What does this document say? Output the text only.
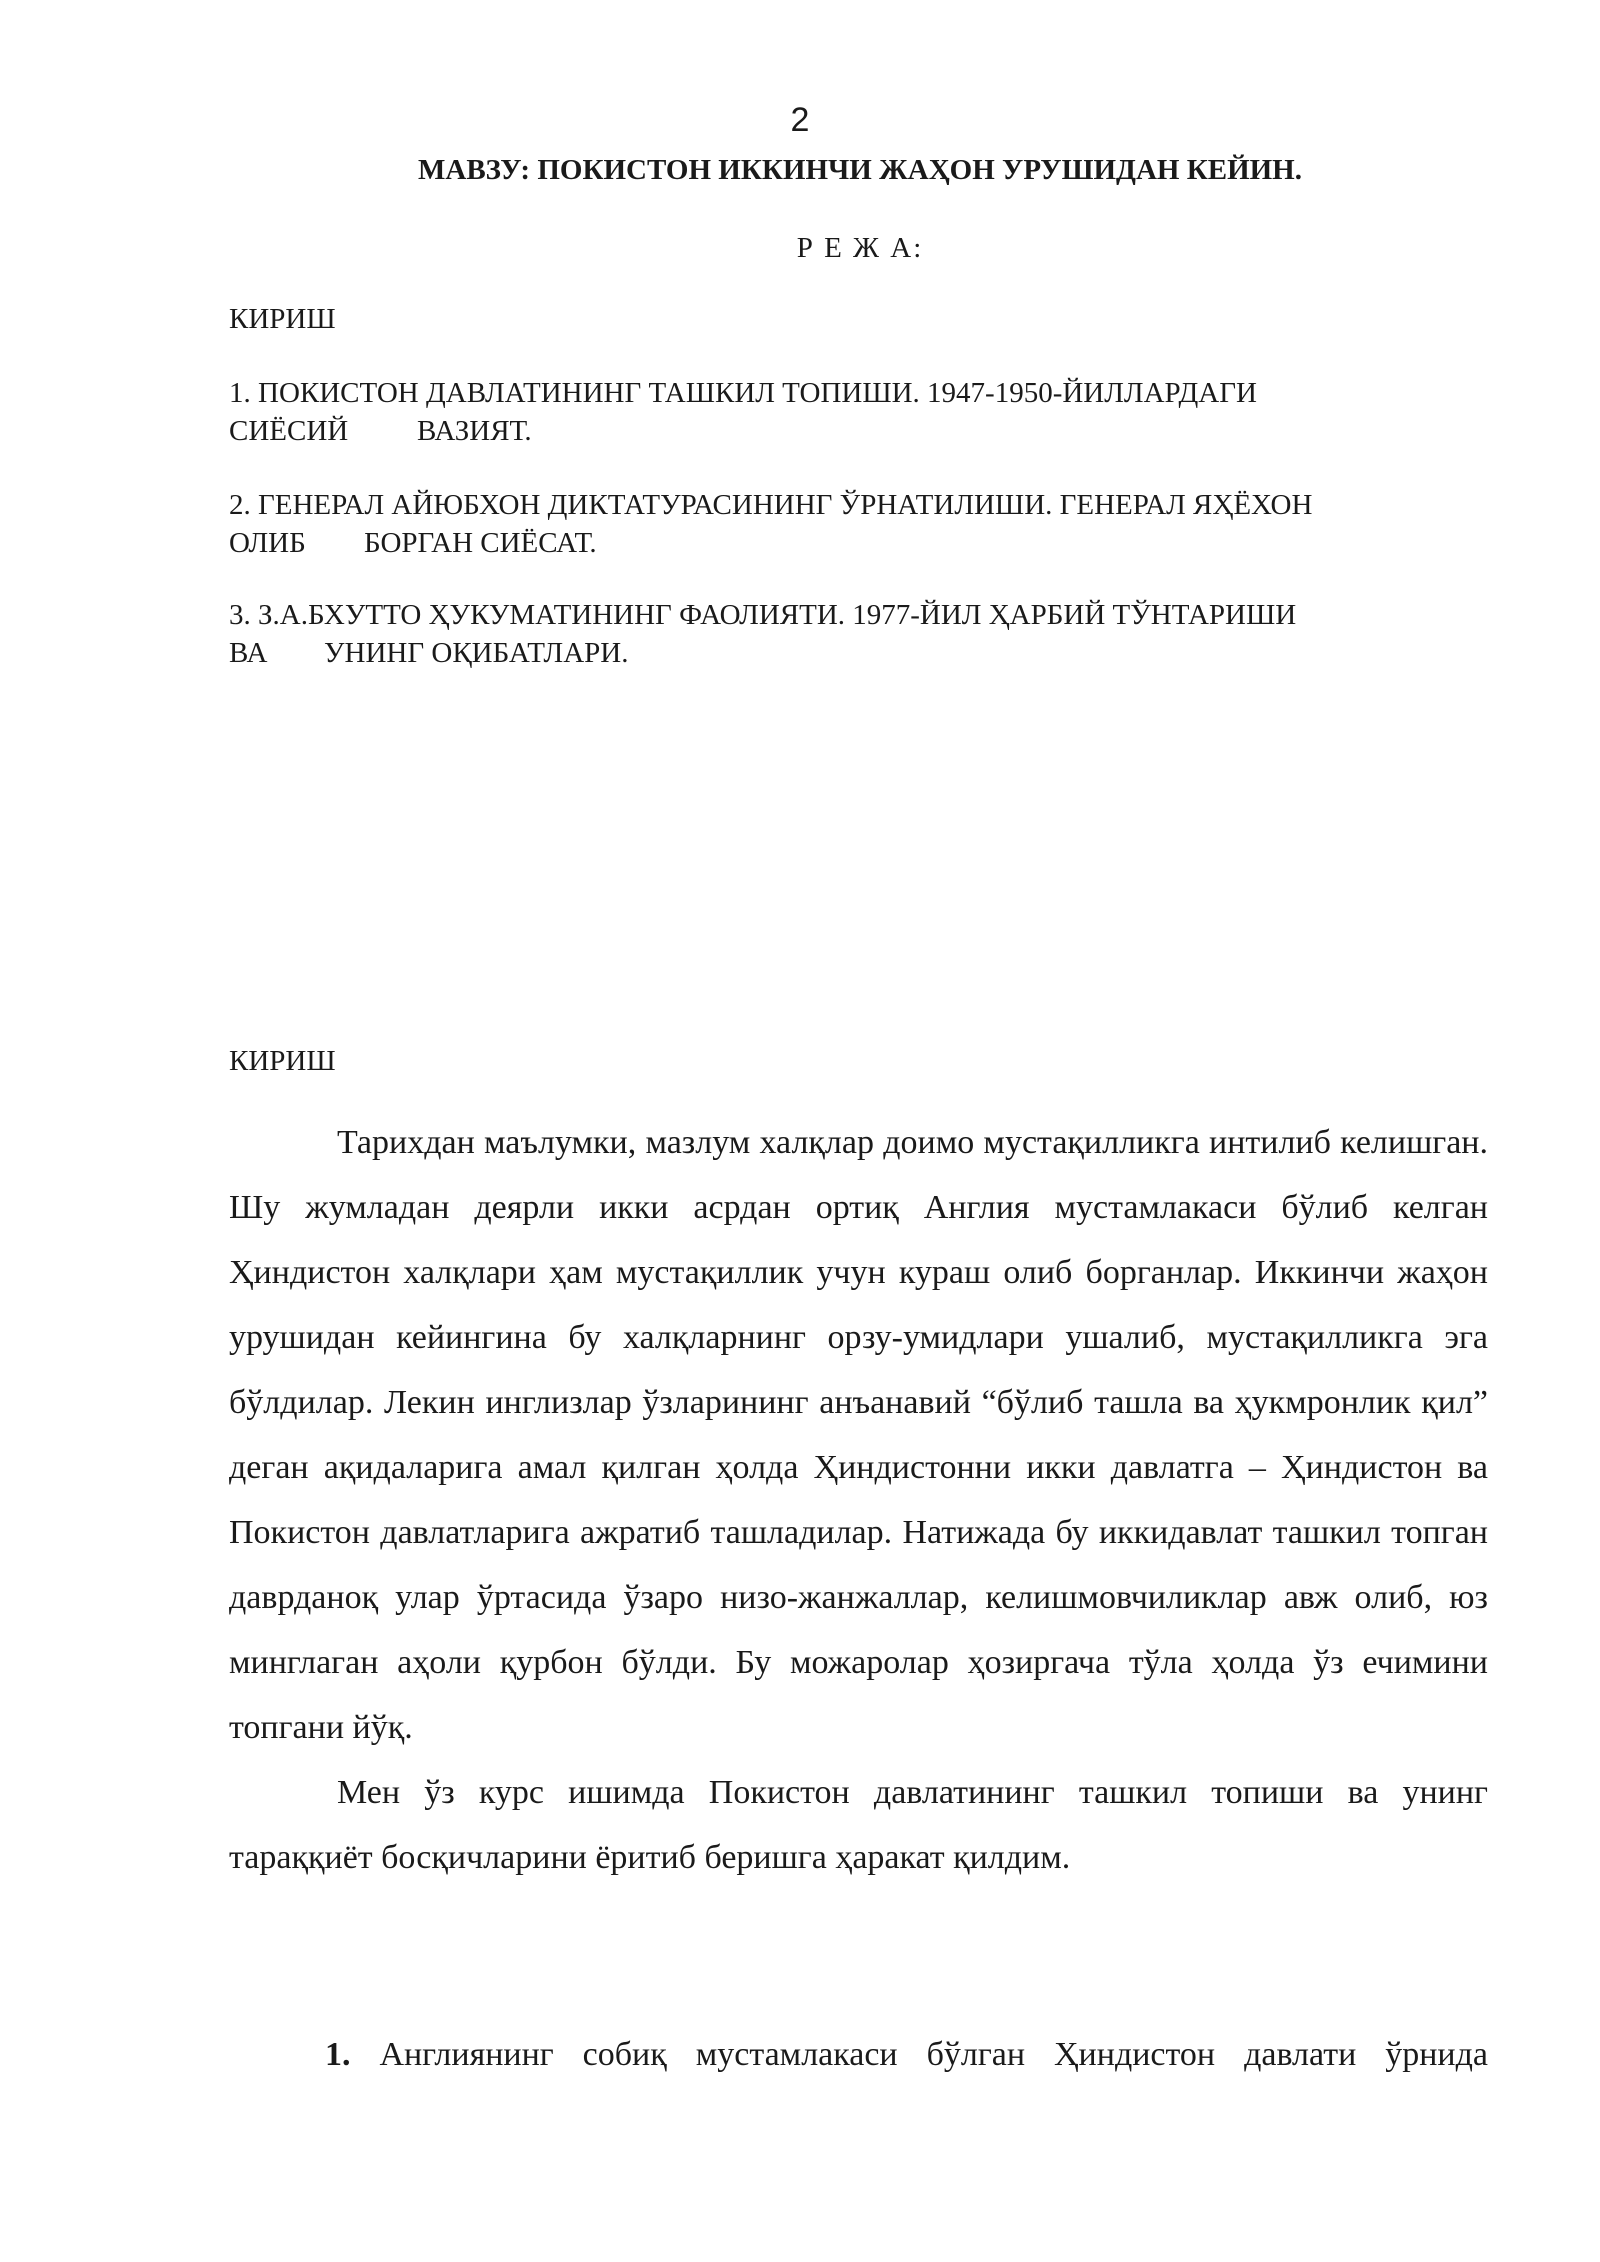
2
МАВЗУ: ПОКИСТОН ИККИНЧИ ЖАҲОН УРУШИДАН КЕЙИН.
Р Е Ж А:
КИРИШ
1. ПОКИСТОН ДАВЛАТИНИНГ ТАШКИЛ ТОПИШИ. 1947-1950-ЙИЛЛАРДАГИ
СИЁСИЙ ВАЗИЯТ.
2. ГЕНЕРАЛ АЙЮБХОН ДИКТАТУРАСИНИНГ ЎРНАТИЛИШИ. ГЕНЕРАЛ ЯҲЁХОН
ОЛИБ БОРГАН СИЁСАТ.
3. З.А.БХУТТО ҲУКУМАТИНИНГ ФАОЛИЯТИ. 1977-ЙИЛ ҲАРБИЙ ТЎНТАРИШИ
ВА УНИНГ ОҚИБАТЛАРИ.
КИРИШ

Тарихдан маълумки, мазлум халқлар доимо мустақилликга интилиб келишган. Шу жумладан деярли икки асрдан ортиқ Англия мустамлакаси бўлиб келган Ҳиндистон халқлари ҳам мустақиллик учун кураш олиб борганлар. Иккинчи жаҳон урушидан кейингина бу халқларнинг орзу-умидлари ушалиб, мустақилликга эга бўлдилар. Лекин инглизлар ўзларининг анъанавий “бўлиб ташла ва ҳукмронлик қил” деган ақидаларига амал қилган ҳолда Ҳиндистонни икки давлатга – Ҳиндистон ва Покистон давлатларига ажратиб ташладилар. Натижада бу иккидавлат ташкил топган даврданоқ улар ўртасида ўзаро низо-жанжаллар, келишмовчиликлар авж олиб, юз минглаган аҳоли қурбон бўлди. Бу можаролар ҳозиргача тўла ҳолда ўз ечимини топгани йўқ.

Мен ўз курс ишимда Покистон давлатининг ташкил топиши ва унинг тараққиёт босқичларини ёритиб беришга ҳаракат қилдим.

1. Англиянинг собиқ мустамлакаси бўлган Ҳиндистон давлати ўрнида
